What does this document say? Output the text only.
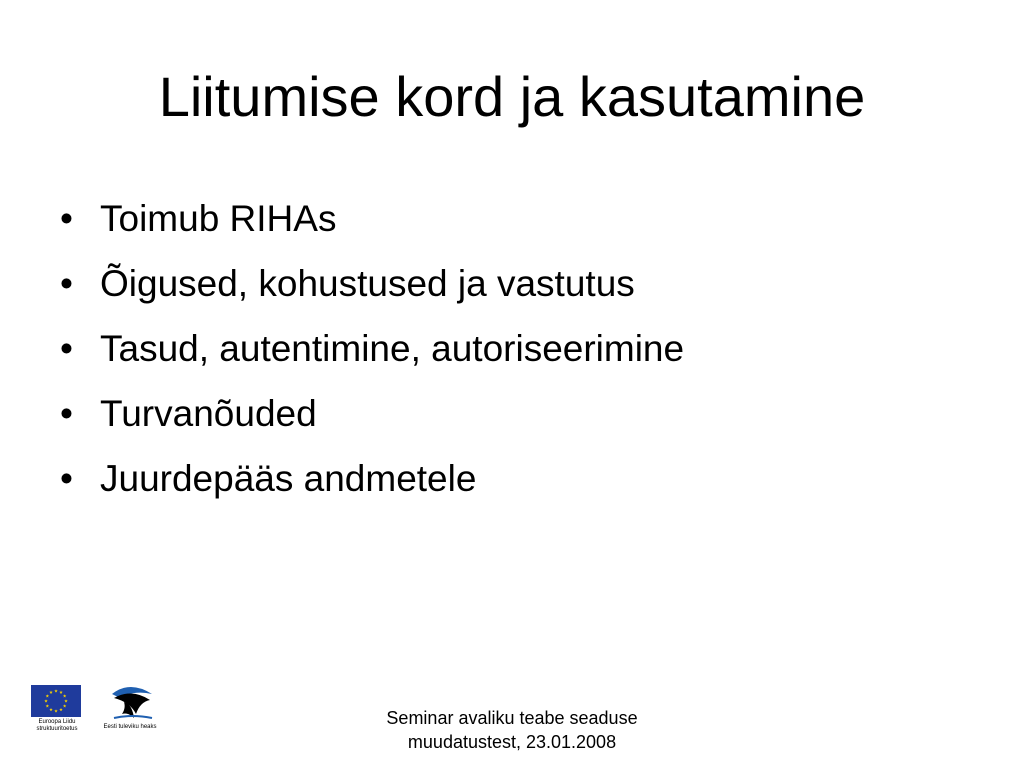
Liitumise kord ja kasutamine
• Toimub RIHAs
• Õigused, kohustused ja vastutus
• Tasud, autentimine, autoriseerimine
• Turvanõuded
• Juurdepääs andmetele
Euroopa Liidu
struktuuritoetus	Eesti tuleviku heaks	Seminar avaliku teabe seaduse
muudatustest, 23.01.2008
